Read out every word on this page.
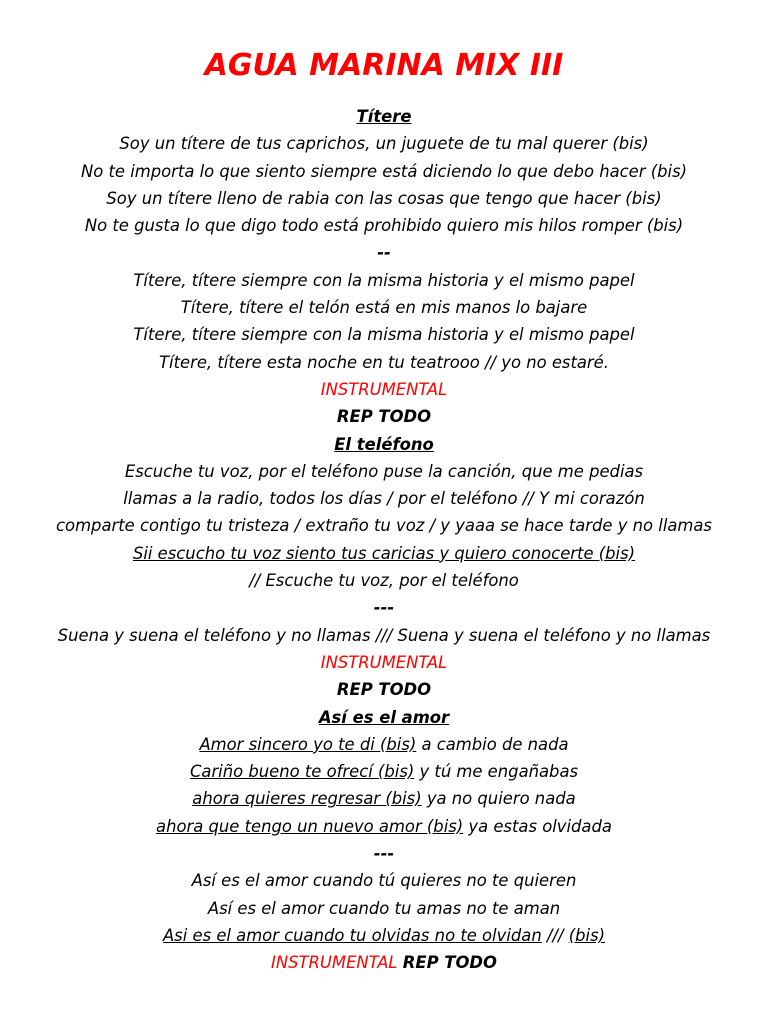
AGUA MARINA MIX III
Títere
Soy un títere de tus caprichos, un juguete de tu mal querer (bis)
No te importa lo que siento siempre está diciendo lo que debo hacer (bis)
Soy un títere lleno de rabia con las cosas que tengo que hacer (bis)
No te gusta lo que digo todo está prohibido quiero mis hilos romper (bis)
--
Títere, títere siempre con la misma historia y el mismo papel
Títere, títere el telón está en mis manos lo bajare
Títere, títere siempre con la misma historia y el mismo papel
Títere, títere esta noche en tu teatrooo // yo no estaré.
INSTRUMENTAL
REP TODO
El teléfono
Escuche tu voz, por el teléfono puse la canción, que me pedias
llamas a la radio, todos los días / por el teléfono // Y mi corazón
comparte contigo tu tristeza / extraño tu voz / y yaaa se hace tarde y no llamas
Sii escucho tu voz siento tus caricias y quiero conocerte (bis)
// Escuche tu voz, por el teléfono
---
Suena y suena el teléfono y no llamas /// Suena y suena el teléfono y no llamas
INSTRUMENTAL
REP TODO
Así es el amor
Amor sincero yo te di (bis) a cambio de nada
Cariño bueno te ofrecí (bis) y tú me engañabas
ahora quieres regresar (bis) ya no quiero nada
ahora que tengo un nuevo amor (bis) ya estas olvidada
---
Así es el amor cuando tú quieres no te quieren
Así es el amor cuando tu amas no te aman
Asi es el amor cuando tu olvidas no te olvidan /// (bis)
INSTRUMENTAL REP TODO
